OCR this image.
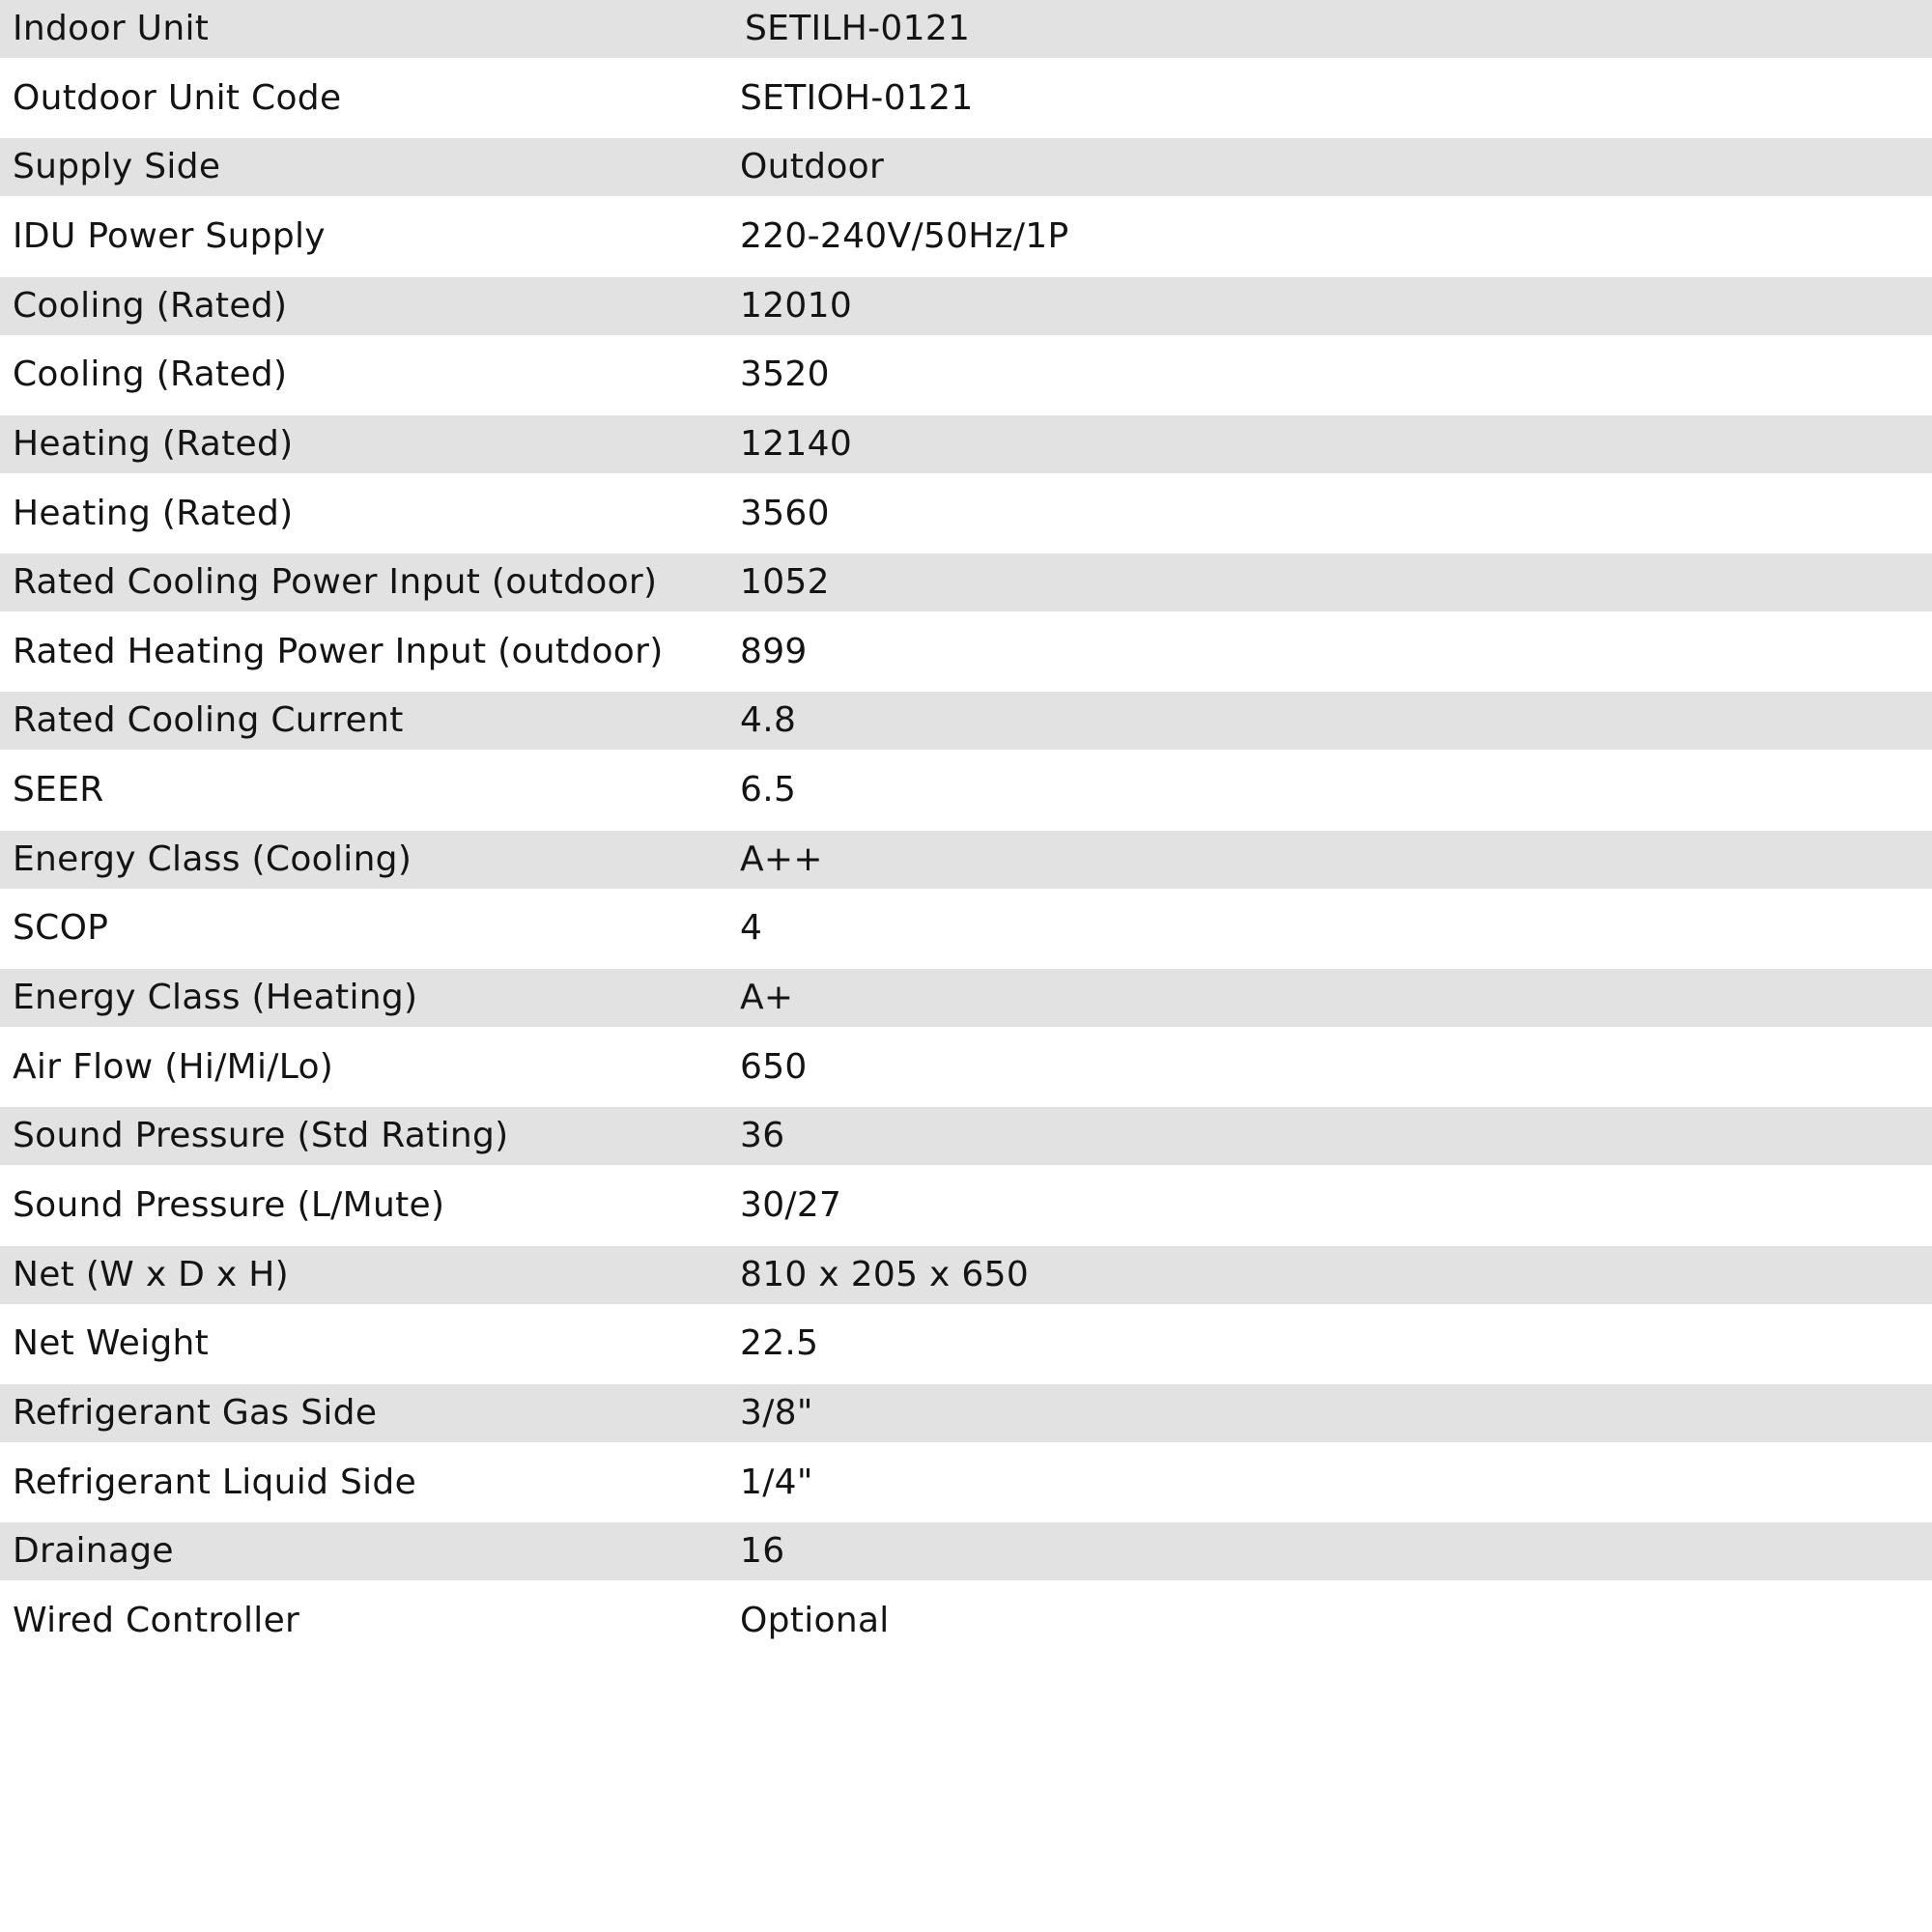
Indoor Unit	SETILH-0121
Outdoor Unit Code	SETIOH-0121
Supply Side	Outdoor
IDU Power Supply	220-240V/50Hz/1P
Cooling (Rated)	12010
Cooling (Rated)	3520
Heating (Rated)	12140
Heating (Rated)	3560
Rated Cooling Power Input (outdoor) 1052
Rated Heating Power Input (outdoor) 899
Rated Cooling Current	4.8
SEER	6.5
Energy Class (Cooling)	A++
SCOP	4
Energy Class (Heating)	A+
Air Flow (Hi/Mi/Lo)	650
Sound Pressure (Std Rating)	36
Sound Pressure (L/Mute)	30/27
Net (W x D x H)	810 x 205 x 650
Net Weight	22.5
Refrigerant Gas Side	3/8"
Refrigerant Liquid Side	1/4"
Drainage	16
Wired Controller	Optional
